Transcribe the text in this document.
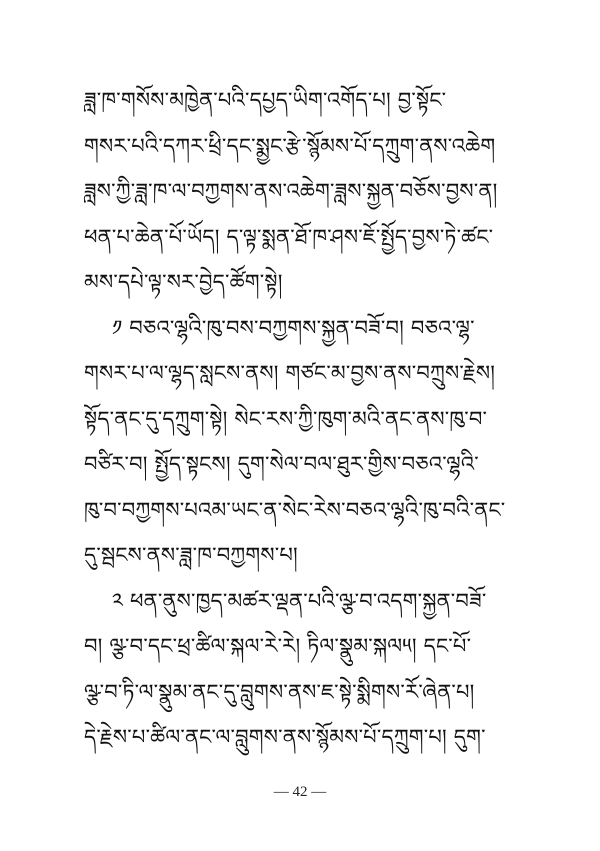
ཟླ་ཁ་གསོས་མཁྱེན་པའི་དཔྱད་ཡིག་འགོད་པ། བྱ་སྟོང་
གསར་པའི་དཀར་ཕྲི་དང་སྨྱང་རྩེ་སྙོམས་པོ་དཀྲུག་ནས་འཆེག
ཟླས་ཀྱི་ཟླ་ཁ་ལ་བཀྱགས་ནས་འཆེག་ཟླས་སྐྱན་བཅོས་བྱས་ན།
ཕན་པ་ཆེན་པོ་ཡོད། ད་ལྟ་སྨན་ཐོ་ཁ་ཤས་ཇོ་སྤྱོད་བྱས་ཏེ་ཚང་
མས་དཔེ་ལྟ་སར་བྱེད་ཚོག་སྟེ།
༡ བཅའ་ལྷའི་ཁུ་བས་བཀྱགས་སྐྱན་བཟོ་བ། བཅའ་ལྷ་
གསར་པ་ལ་ལྷད་སླངས་ནས། གཙང་མ་བྱས་ནས་བཀྲུས་རྗེས།
སྟོད་ནང་དུ་དཀྲུག་སྟེ། སེང་རས་ཀྱི་ཁུག་མའི་ནང་ནས་ཁུ་བ་
བཙིར་བ། སྤྱོད་སྟངས། དུག་སེལ་བལ་ཐུར་གྱིས་བཅའ་ལྷའི་
ཁུ་བ་བཀྱགས་པའམ་ཡང་ན་སེང་རེས་བཅའ་ལྷའི་ཁུ་བའི་ནང་
དུ་སྦངས་ནས་ཟླ་ཁ་བཀྱགས་པ།
༢ ཕན་ནུས་ཁྱད་མཚར་ལྡན་པའི་ལྩ་བ་འདག་སྐྱན་བཟོ་
བ། ལྩ་བ་དང་ཕྲ་ཚིལ་སྐལ་རེ་རེ། ཏིལ་སྣུམ་སྐལ༥། དང་པོ་
ལྩ་བ་ཏི་ལ་སྣུམ་ནང་དུ་བླུགས་ནས་ཇ་སྟེ་སྨིགས་རོ་ཞེན་པ།
དེ་རྗེས་པ་ཚིལ་ནང་ལ་བླུགས་ནས་སྙོམས་པོ་དཀྲུག་པ། དུག་
— 42 —
